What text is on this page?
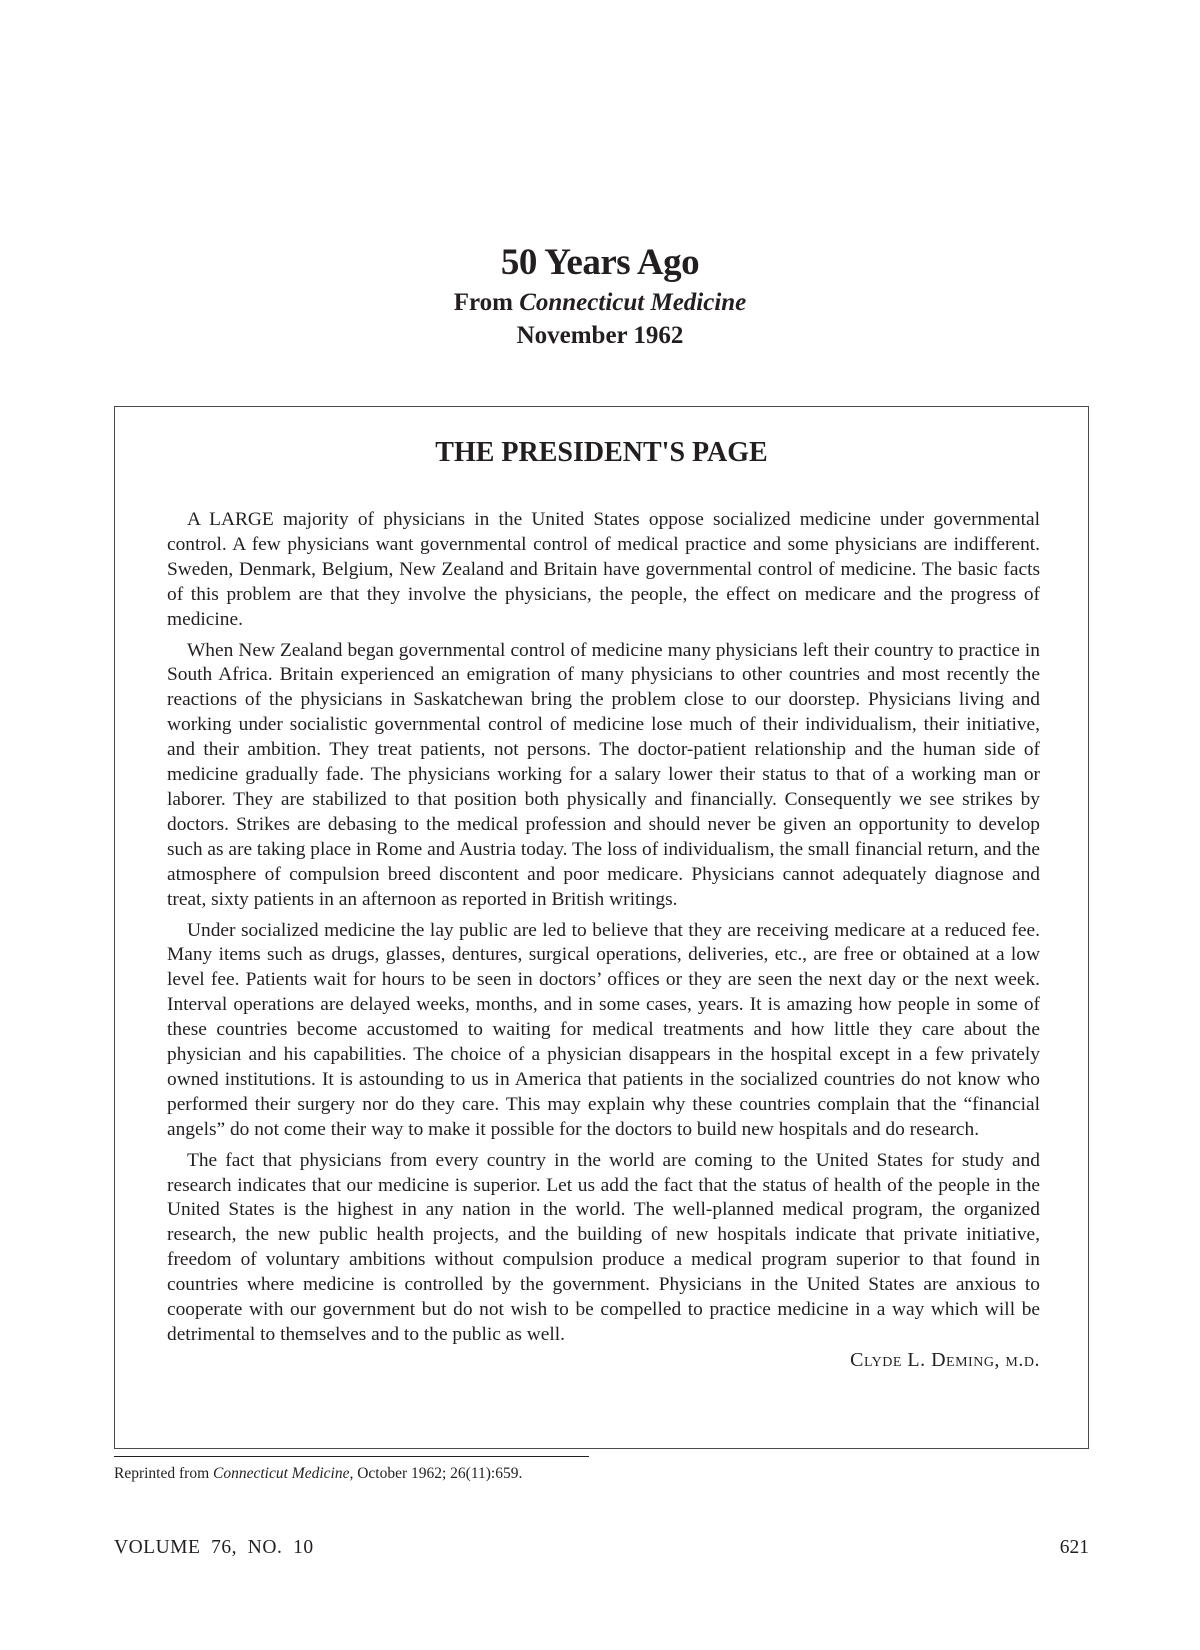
50 Years Ago
From Connecticut Medicine
November 1962
THE PRESIDENT'S PAGE

A LARGE majority of physicians in the United States oppose socialized medicine under governmental control. A few physicians want governmental control of medical practice and some physicians are indifferent. Sweden, Denmark, Belgium, New Zealand and Britain have governmental control of medicine. The basic facts of this problem are that they involve the physicians, the people, the effect on medicare and the progress of medicine.

When New Zealand began governmental control of medicine many physicians left their country to practice in South Africa. Britain experienced an emigration of many physicians to other countries and most recently the reactions of the physicians in Saskatchewan bring the problem close to our doorstep. Physicians living and working under socialistic governmental control of medicine lose much of their individualism, their initiative, and their ambition. They treat patients, not persons. The doctor-patient relationship and the human side of medicine gradually fade. The physicians working for a salary lower their status to that of a working man or laborer. They are stabilized to that position both physically and financially. Consequently we see strikes by doctors. Strikes are debasing to the medical profession and should never be given an opportunity to develop such as are taking place in Rome and Austria today. The loss of individualism, the small financial return, and the atmosphere of compulsion breed discontent and poor medicare. Physicians cannot adequately diagnose and treat, sixty patients in an afternoon as reported in British writings.

Under socialized medicine the lay public are led to believe that they are receiving medicare at a reduced fee. Many items such as drugs, glasses, dentures, surgical operations, deliveries, etc., are free or obtained at a low level fee. Patients wait for hours to be seen in doctors’ offices or they are seen the next day or the next week. Interval operations are delayed weeks, months, and in some cases, years. It is amazing how people in some of these countries become accustomed to waiting for medical treatments and how little they care about the physician and his capabilities. The choice of a physician disappears in the hospital except in a few privately owned institutions. It is astounding to us in America that patients in the socialized countries do not know who performed their surgery nor do they care. This may explain why these countries complain that the “financial angels” do not come their way to make it possible for the doctors to build new hospitals and do research.

The fact that physicians from every country in the world are coming to the United States for study and research indicates that our medicine is superior. Let us add the fact that the status of health of the people in the United States is the highest in any nation in the world. The well-planned medical program, the organized research, the new public health projects, and the building of new hospitals indicate that private initiative, freedom of voluntary ambitions without compulsion produce a medical program superior to that found in countries where medicine is controlled by the government. Physicians in the United States are anxious to cooperate with our government but do not wish to be compelled to practice medicine in a way which will be detrimental to themselves and to the public as well.

Clyde L. Deming, m.d.
Reprinted from Connecticut Medicine, October 1962; 26(11):659.
VOLUME  76,  NO.  10	621
